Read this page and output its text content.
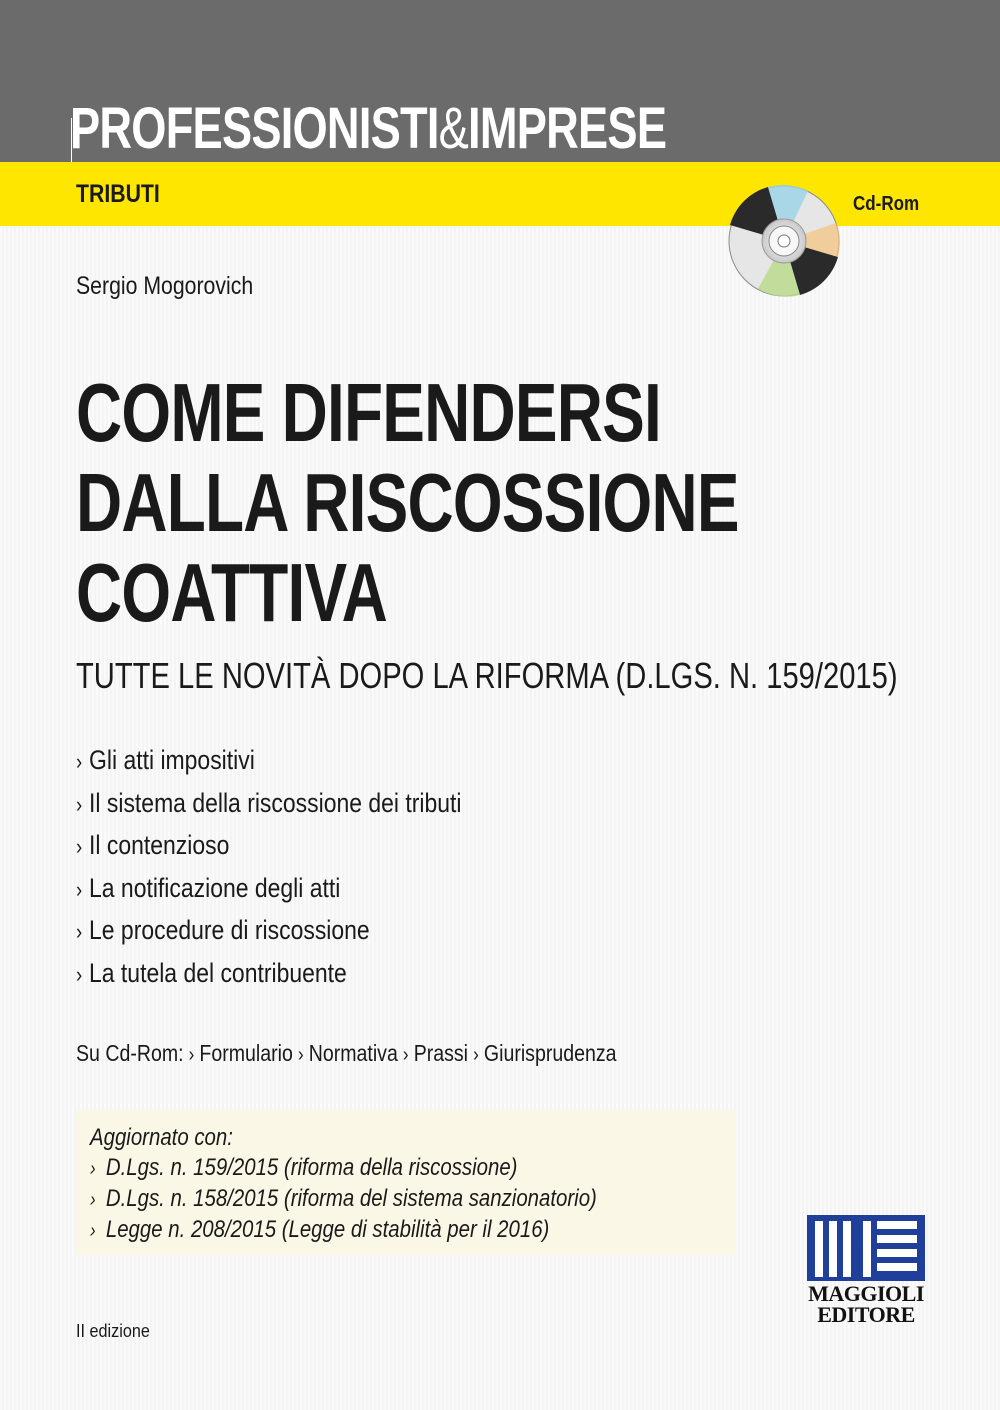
PROFESSIONISTI&IMPRESE
TRIBUTI	Cd-Rom
Sergio Mogorovich
COME DIFENDERSI
DALLA RISCOSSIONE
COATTIVA
TUTTE LE NOVITÀ DOPO LA RIFORMA (D.LGS. N. 159/2015)
› Gli atti impositivi
› Il sistema della riscossione dei tributi
› Il contenzioso
› La notificazione degli atti
› Le procedure di riscossione
› La tutela del contribuente
Su Cd-Rom: › Formulario › Normativa › Prassi › Giurisprudenza
Aggiornato con:
› D.Lgs. n. 159/2015 (riforma della riscossione)
› D.Lgs. n. 158/2015 (riforma del sistema sanzionatorio)
› Legge n. 208/2015 (Legge di stabilità per il 2016)
II edizione
MAGGIOLI
EDITORE
